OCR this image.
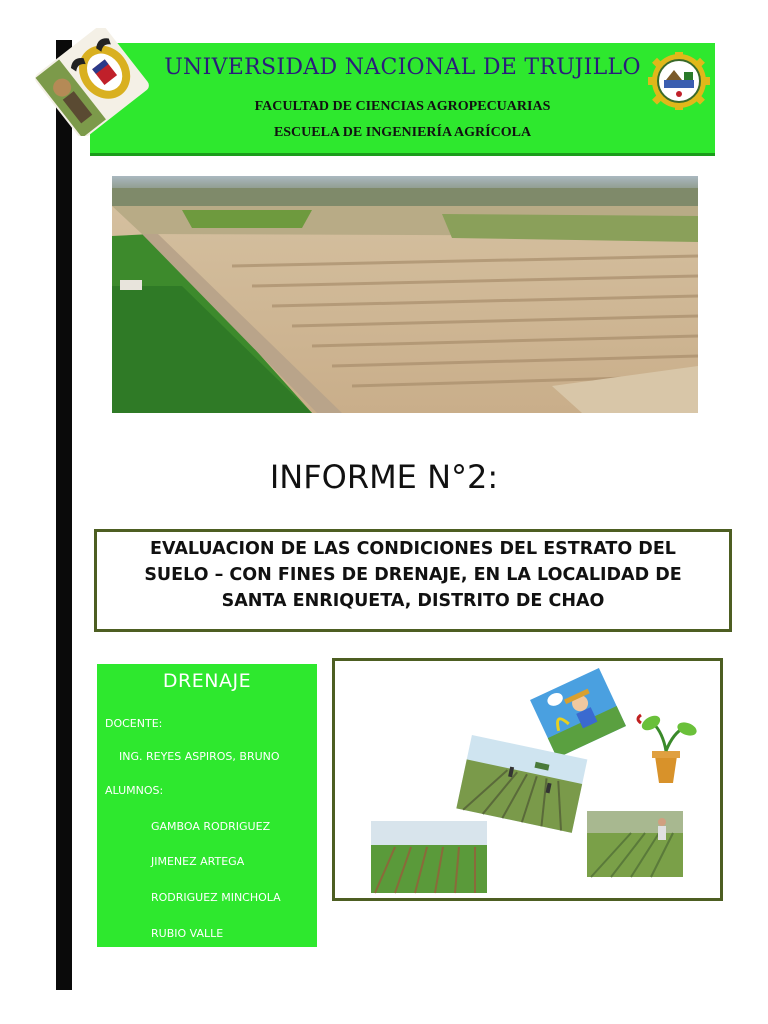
UNIVERSIDAD NACIONAL DE TRUJILLO
FACULTAD DE CIENCIAS AGROPECUARIAS
ESCUELA DE INGENIERÍA AGRÍCOLA
INFORME N°2:
EVALUACION DE LAS CONDICIONES DEL ESTRATO DEL SUELO – CON FINES DE DRENAJE, EN LA LOCALIDAD DE SANTA ENRIQUETA, DISTRITO DE CHAO
DRENAJE
DOCENTE:
ING. REYES ASPIROS, BRUNO
ALUMNOS:
GAMBOA RODRIGUEZ
JIMENEZ ARTEGA
RODRIGUEZ MINCHOLA
RUBIO VALLE
